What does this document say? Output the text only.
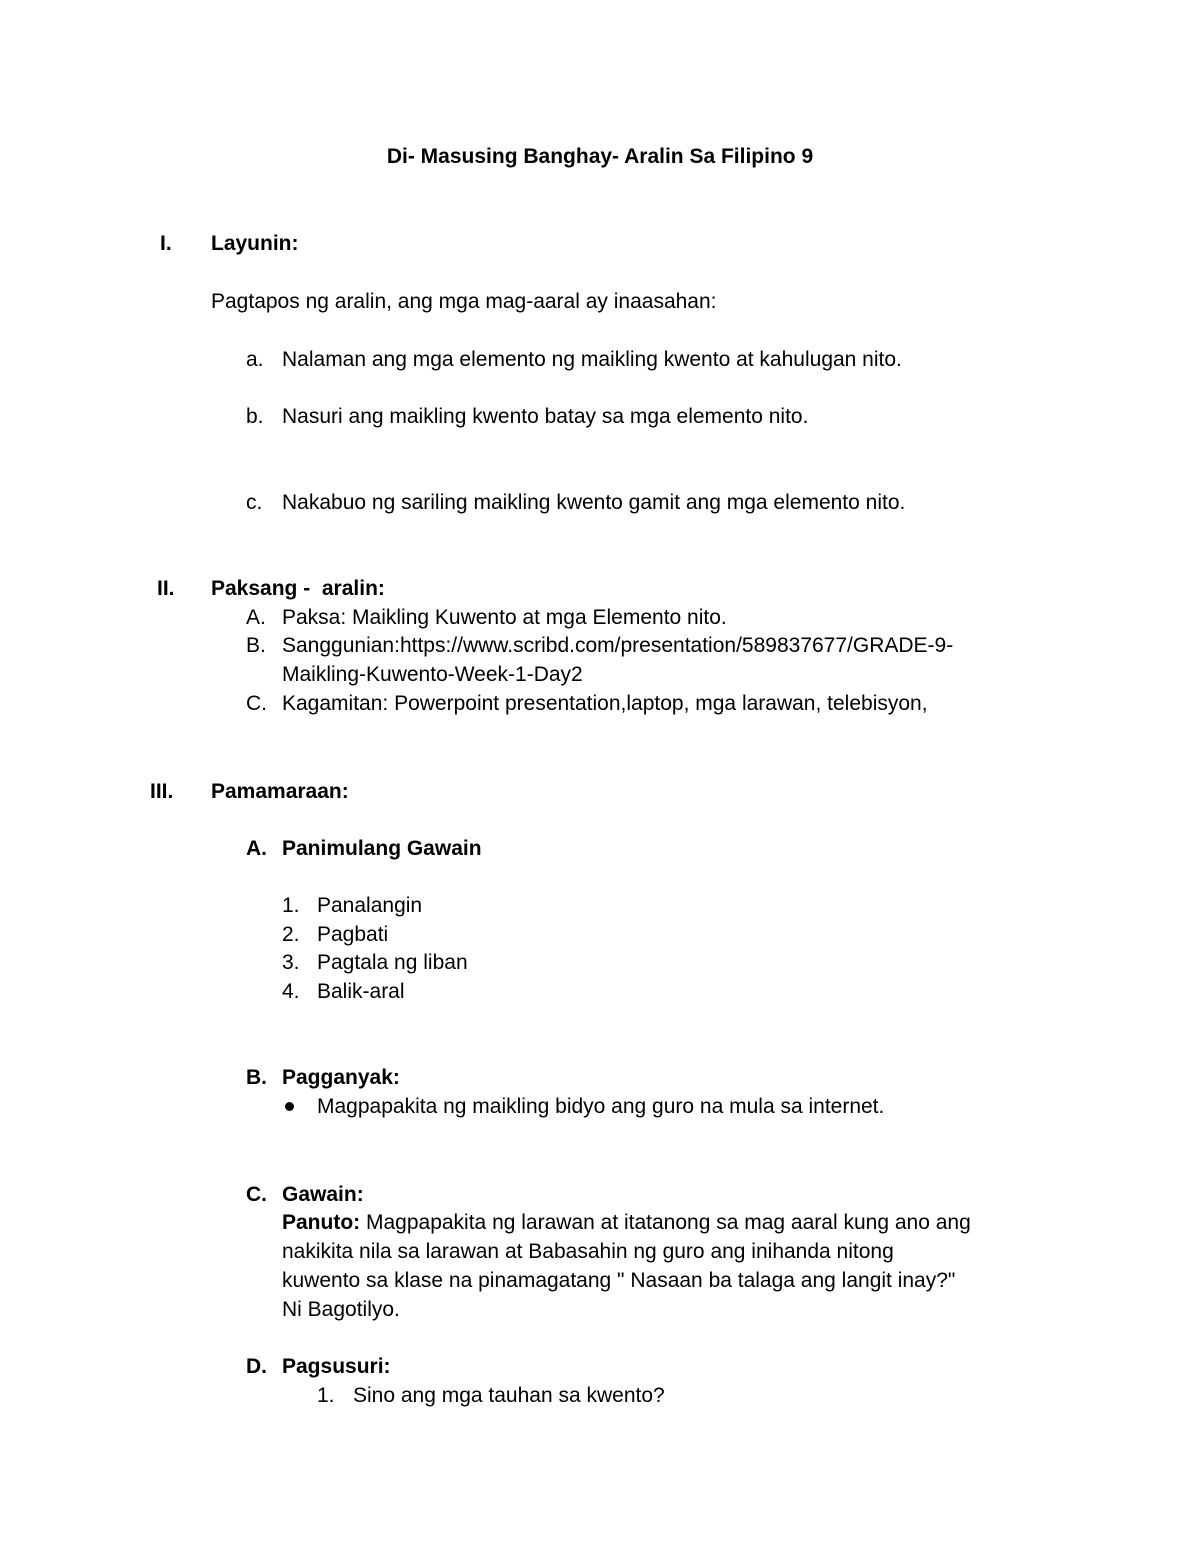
Di- Masusing Banghay- Aralin Sa Filipino 9
I. Layunin:
Pagtapos ng aralin, ang mga mag-aaral ay inaasahan:
a. Nalaman ang mga elemento ng maikling kwento at kahulugan nito.
b. Nasuri ang maikling kwento batay sa mga elemento nito.
c. Nakabuo ng sariling maikling kwento gamit ang mga elemento nito.
II. Paksang -  aralin:
A. Paksa: Maikling Kuwento at mga Elemento nito.
B. Sanggunian:https://www.scribd.com/presentation/589837677/GRADE-9-
Maikling-Kuwento-Week-1-Day2
C. Kagamitan: Powerpoint presentation,laptop, mga larawan, telebisyon,
III. Pamamaraan:
A. Panimulang Gawain
1. Panalangin
2. Pagbati
3. Pagtala ng liban
4. Balik-aral
B. Pagganyak:
Magpapakita ng maikling bidyo ang guro na mula sa internet.
C. Gawain:
Panuto: Magpapakita ng larawan at itatanong sa mag aaral kung ano ang
nakikita nila sa larawan at Babasahin ng guro ang inihanda nitong
kuwento sa klase na pinamagatang " Nasaan ba talaga ang langit inay?"
Ni Bagotilyo.
D. Pagsusuri:
1. Sino ang mga tauhan sa kwento?
